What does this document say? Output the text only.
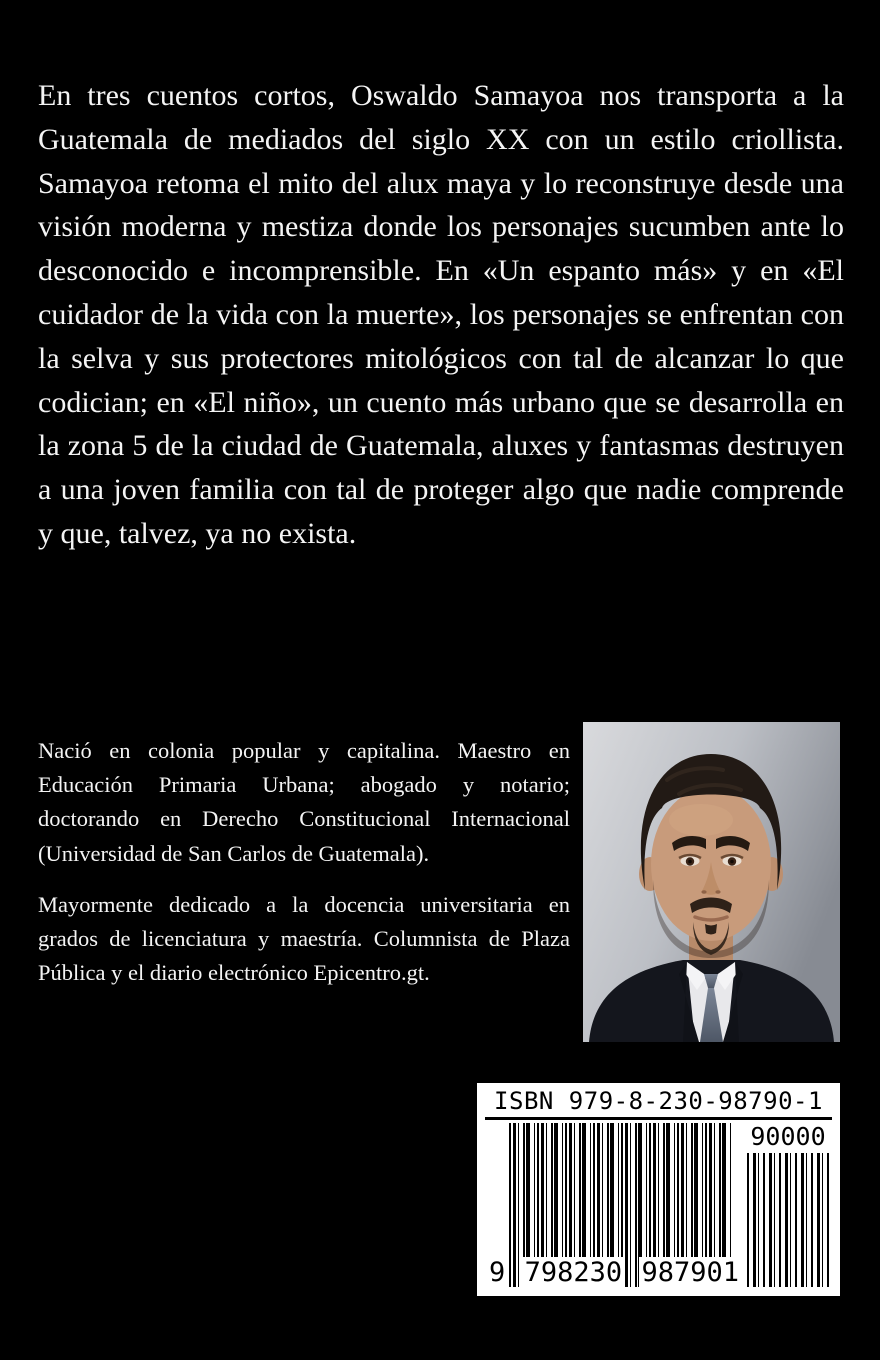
En tres cuentos cortos, Oswaldo Samayoa nos transporta a la Guatemala de mediados del siglo XX con un estilo criollista. Samayoa retoma el mito del alux maya y lo reconstruye desde una visión moderna y mestiza donde los personajes sucumben ante lo desconocido e incomprensible. En «Un espanto más» y en «El cuidador de la vida con la muerte», los personajes se enfrentan con la selva y sus protectores mitológicos con tal de alcanzar lo que codician; en «El niño», un cuento más urbano que se desarrolla en la zona 5 de la ciudad de Guatemala, aluxes y fantasmas destruyen a una joven familia con tal de proteger algo que nadie comprende y que, talvez, ya no exista.

Nació en colonia popular y capitalina. Maestro en Educación Primaria Urbana; abogado y notario; doctorando en Derecho Constitucional Internacional (Universidad de San Carlos de Guatemala).

Mayormente dedicado a la docencia universitaria en grados de licenciatura y maestría. Columnista de Plaza Pública y el diario electrónico Epicentro.gt.

ISBN 979-8-230-98790-1
9 798230 987901
90000
